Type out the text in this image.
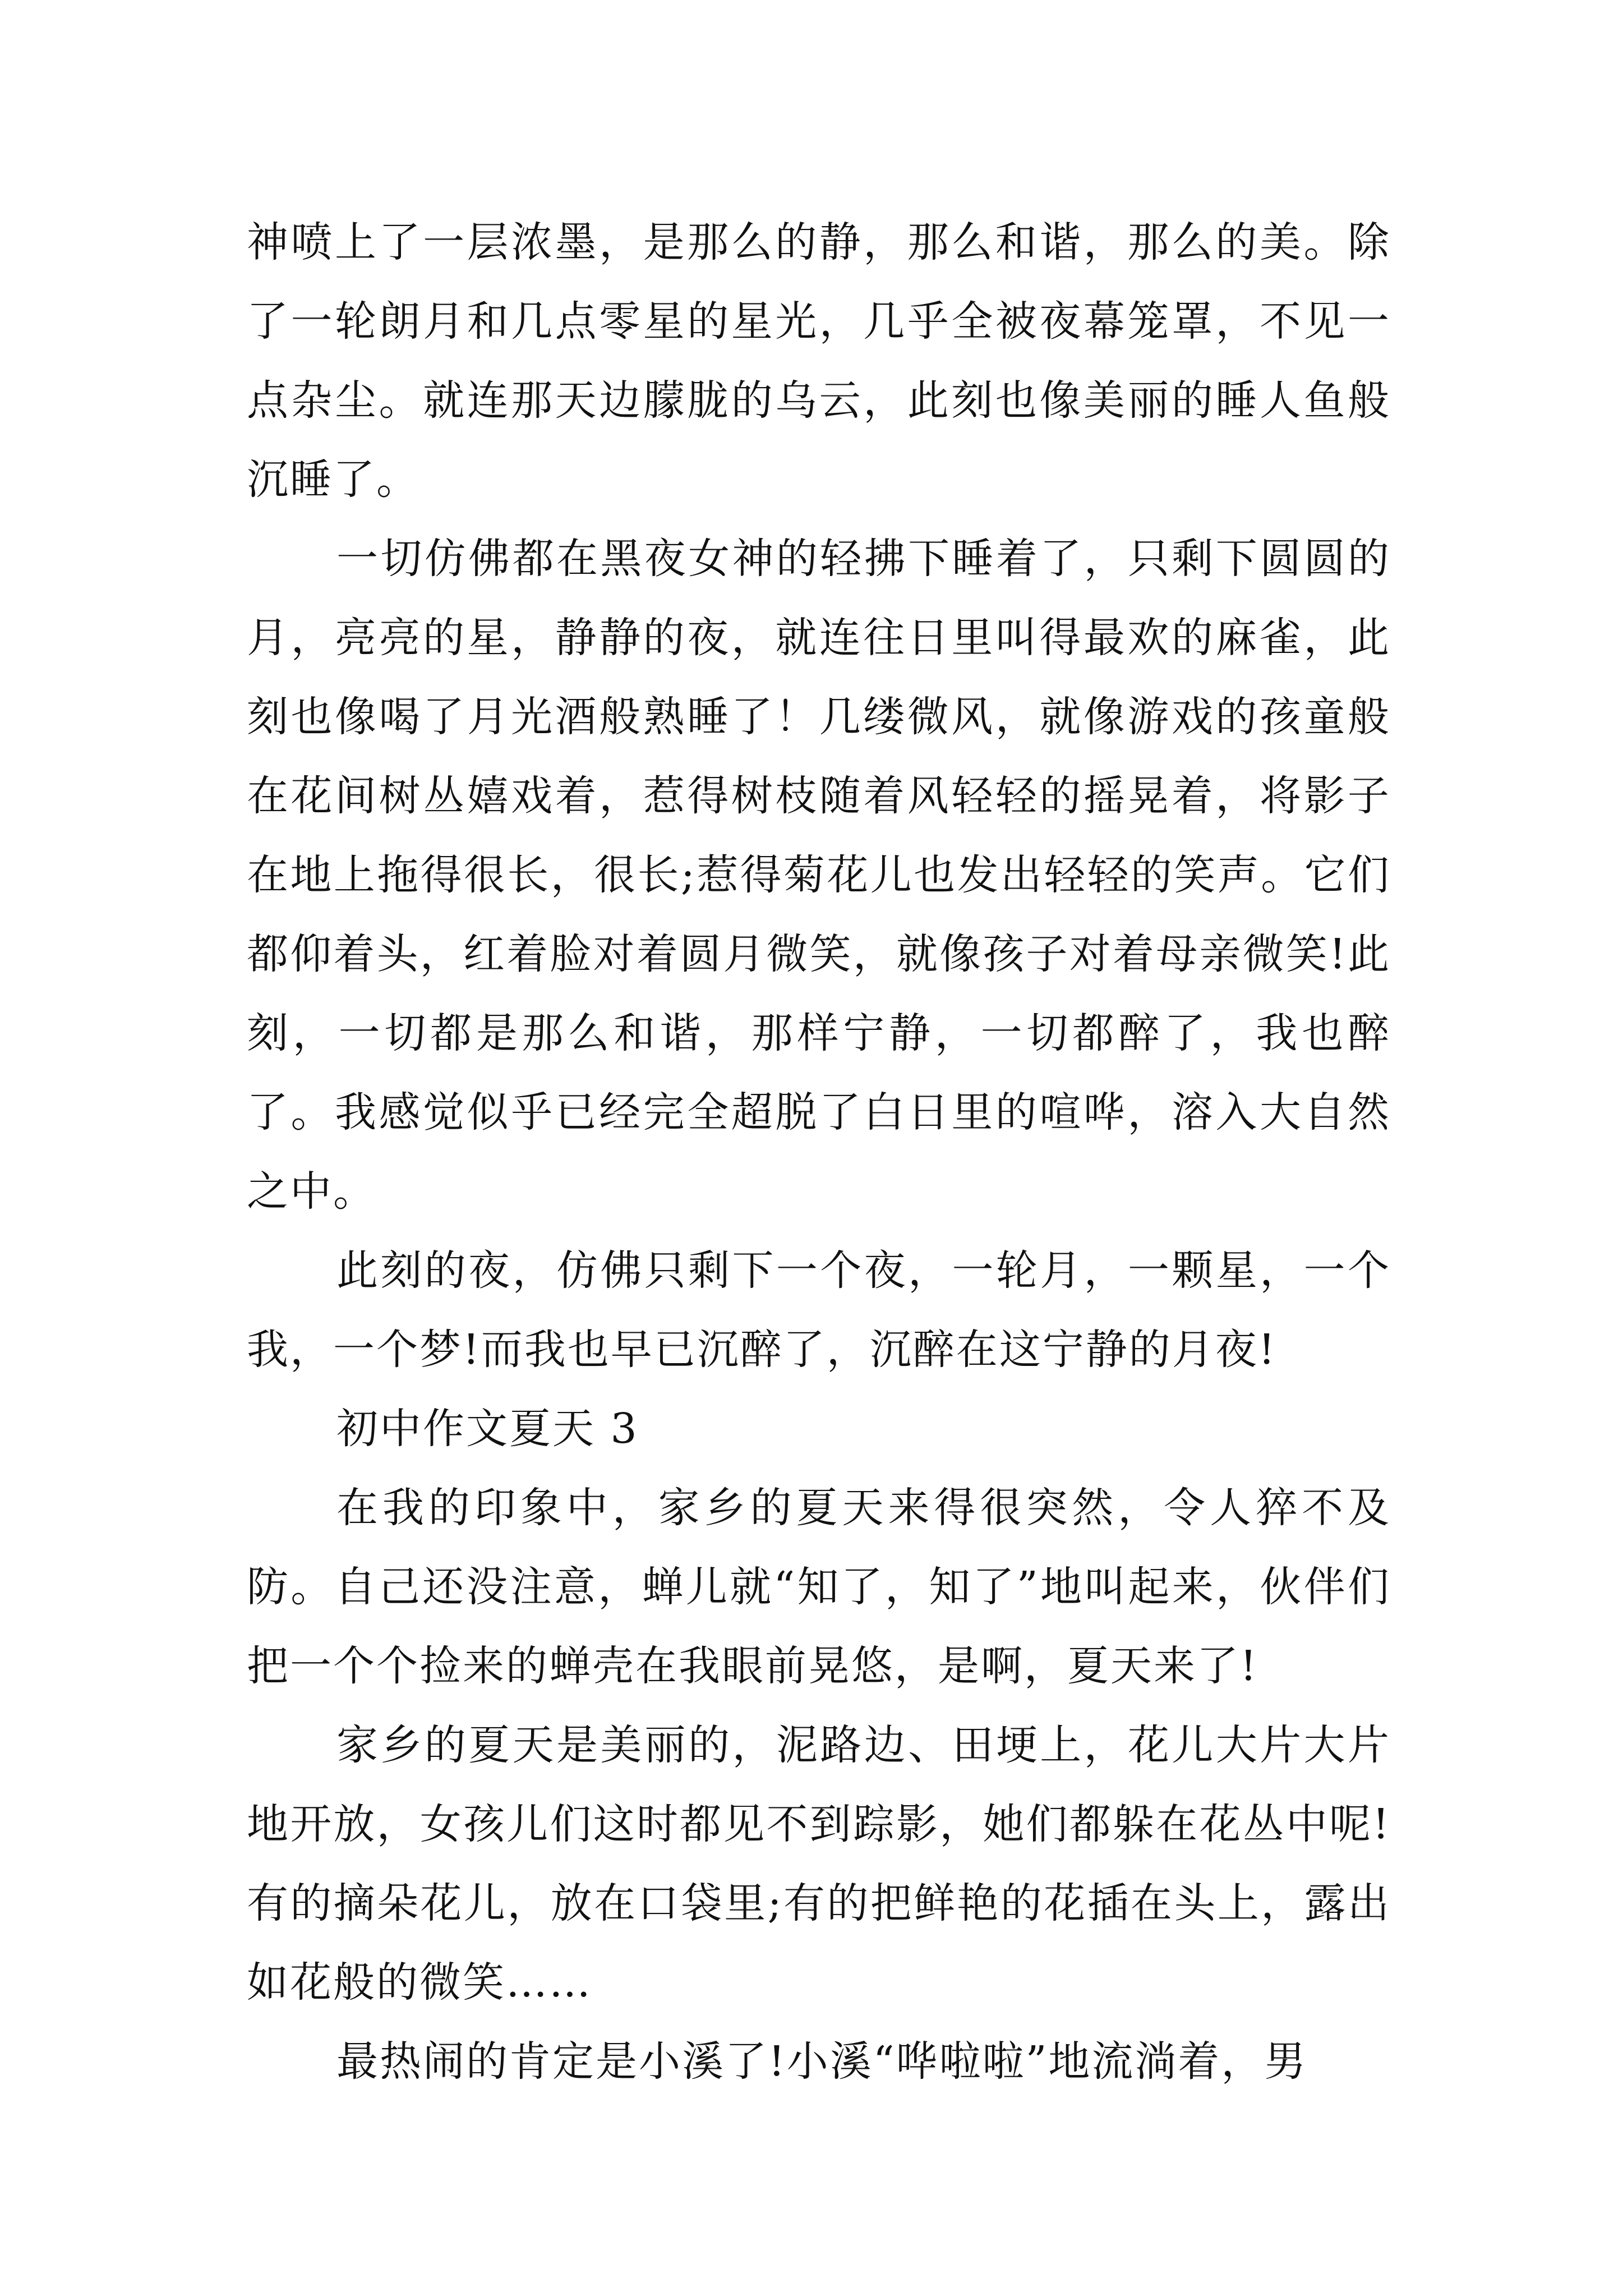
神喷上了一层浓墨，是那么的静，那么和谐，那么的美。除了一轮朗月和几点零星的星光，几乎全被夜幕笼罩，不见一点杂尘。就连那天边朦胧的乌云，此刻也像美丽的睡人鱼般沉睡了。

一切仿佛都在黑夜女神的轻拂下睡着了，只剩下圆圆的月，亮亮的星，静静的夜，就连往日里叫得最欢的麻雀，此刻也像喝了月光酒般熟睡了！几缕微风，就像游戏的孩童般在花间树丛嬉戏着，惹得树枝随着风轻轻的摇晃着，将影子在地上拖得很长，很长;惹得菊花儿也发出轻轻的笑声。它们都仰着头，红着脸对着圆月微笑，就像孩子对着母亲微笑!此刻，一切都是那么和谐，那样宁静，一切都醉了，我也醉了。我感觉似乎已经完全超脱了白日里的喧哗，溶入大自然之中。

此刻的夜，仿佛只剩下一个夜，一轮月，一颗星，一个我，一个梦!而我也早已沉醉了，沉醉在这宁静的月夜!

初中作文夏天 3

在我的印象中，家乡的夏天来得很突然，令人猝不及防。自己还没注意，蝉儿就“知了，知了”地叫起来，伙伴们把一个个捡来的蝉壳在我眼前晃悠，是啊，夏天来了!

家乡的夏天是美丽的，泥路边、田埂上，花儿大片大片地开放，女孩儿们这时都见不到踪影，她们都躲在花丛中呢!有的摘朵花儿，放在口袋里;有的把鲜艳的花插在头上，露出如花般的微笑……

最热闹的肯定是小溪了!小溪“哗啦啦”地流淌着，男
